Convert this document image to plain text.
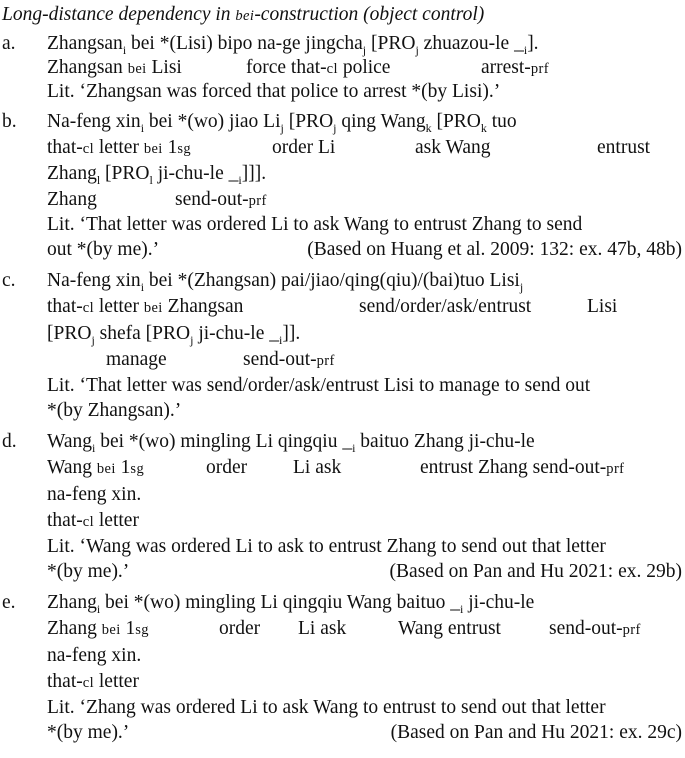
Long-distance dependency in bei-construction (object control)
a. Zhangsan$_i$ bei *(Lisi) bipo na-ge jingcha$_j$ [$PRO_j$ zhuazou-le $\__i$].
Zhangsan bei Lisi	force that-cl police	arrest-prf
Lit. ‘Zhangsan was forced that police to arrest *(by Lisi).’
b. Na-feng xin$_i$ bei *(wo) jiao $Li_j$ [$PRO_j$ qing Wang$_k$ [$PRO_k$ tuo
that-cl letter bei 1sg	order Li	ask Wang	entrust
Zhang$_l$ [$PRO_l$ ji-chu-le $\__i$]]].
Zhang	send-out-prf
Lit. ‘That letter was ordered Li to ask Wang to entrust Zhang to send
out *(by me).’	(Based on Huang et al. 2009: 132: ex. 47b, 48b)
c. Na-feng xin$_i$ bei *(Zhangsan) pai/jiao/qing(qiu)/(bai)tuo Lisi$_j$
that-cl letter bei Zhangsan	send/order/ask/entrust	Lisi
[$PRO_j$ shefa [$PRO_j$ ji-chu-le $\__i$]].
manage	send-out-prf
Lit. ‘That letter was send/order/ask/entrust Lisi to manage to send out
*(by Zhangsan).’
d. Wang$_i$ bei *(wo) mingling Li qingqiu $\__i$ baituo Zhang ji-chu-le
Wang bei 1sg	order Li ask	entrust Zhang send-out-prf
na-feng xin.
that-cl letter
Lit. ‘Wang was ordered Li to ask to entrust Zhang to send out that letter
*(by me).’	(Based on Pan and Hu 2021: ex. 29b)
e. Zhang$_i$ bei *(wo) mingling Li qingqiu Wang baituo $\__i$ ji-chu-le
Zhang bei 1sg	order Li ask	Wang entrust send-out-prf
na-feng xin.
that-cl letter
Lit. ‘Zhang was ordered Li to ask Wang to entrust to send out that letter
*(by me).’	(Based on Pan and Hu 2021: ex. 29c)
